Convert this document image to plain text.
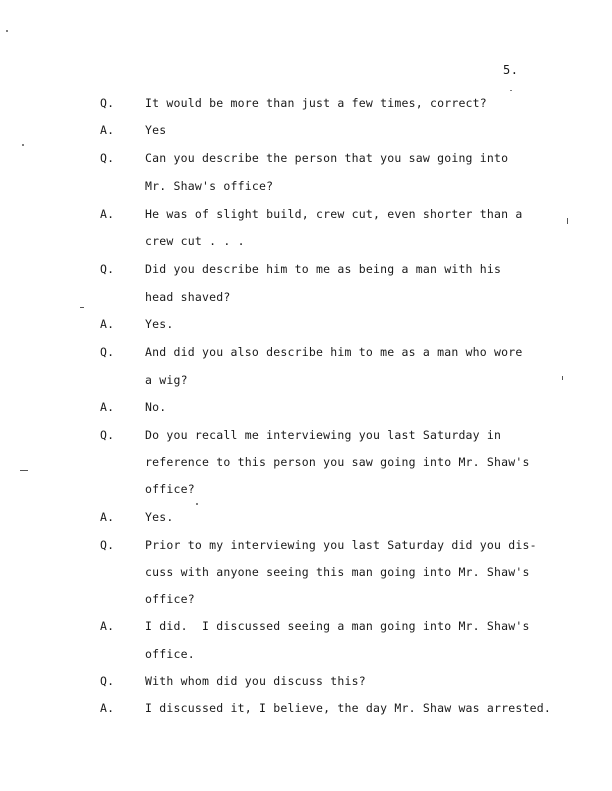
5.
Q.	It would be more than just a few times, correct?
A.	Yes
Q.	Can you describe the person that you saw going into
Mr. Shaw's office?
A.	He was of slight build, crew cut, even shorter than a
crew cut . . .
Q.	Did you describe him to me as being a man with his
head shaved?
A.	Yes.
Q.	And did you also describe him to me as a man who wore
a wig?
A.	No.
Q.	Do you recall me interviewing you last Saturday in
reference to this person you saw going into Mr. Shaw's
office?
A.	Yes.
Q.	Prior to my interviewing you last Saturday did you dis-
cuss with anyone seeing this man going into Mr. Shaw's
office?
A.	I did.  I discussed seeing a man going into Mr. Shaw's
office.
Q.	With whom did you discuss this?
A.	I discussed it, I believe, the day Mr. Shaw was arrested.
